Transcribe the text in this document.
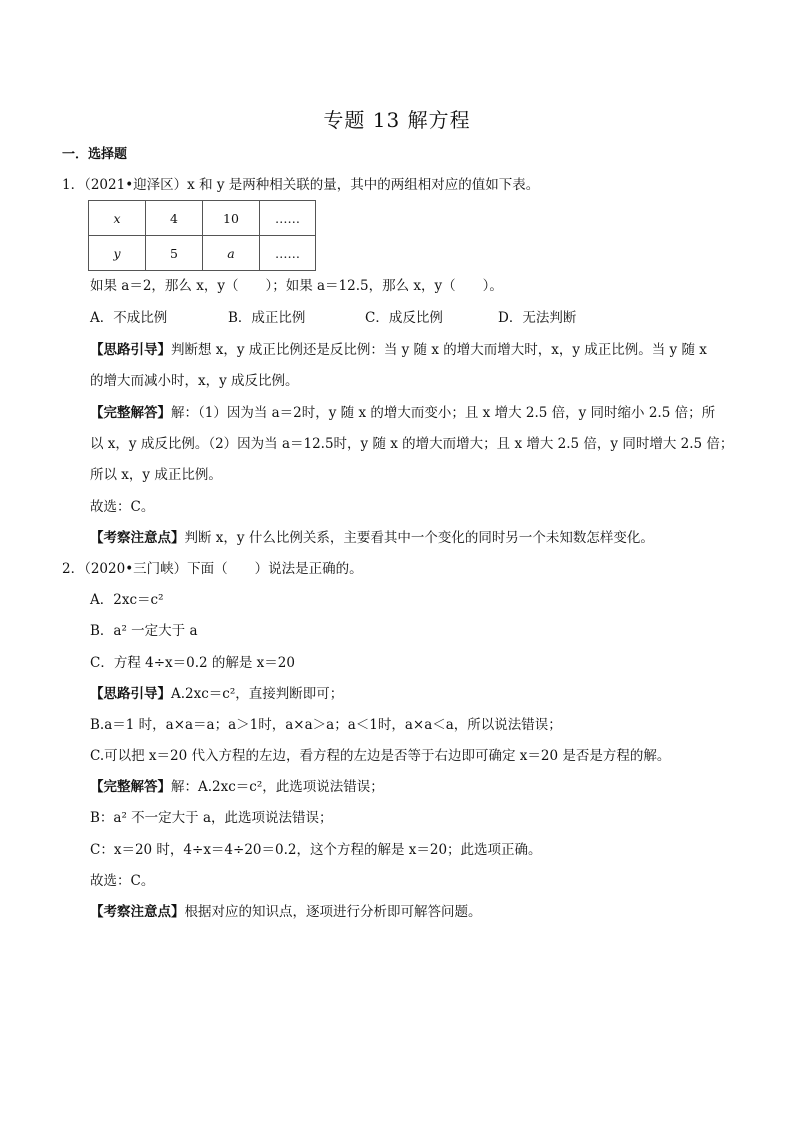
专题 13 解方程
一．选择题
1．（2021•迎泽区）x 和 y 是两种相关联的量，其中的两组相对应的值如下表。
x	4	10	……
y	5	a	……
如果 a＝2，那么 x，y（　　）；如果 a＝12.5，那么 x，y（　　）。
A．不成比例	B．成正比例	C．成反比例	D．无法判断
【思路引导】判断想 x，y 成正比例还是反比例：当 y 随 x 的增大而增大时，x，y 成正比例。当 y 随 x
的增大而减小时，x，y 成反比例。
【完整解答】解：（1）因为当 a＝2时，y 随 x 的增大而变小；且 x 增大 2.5 倍，y 同时缩小 2.5 倍；所
以 x，y 成反比例。（2）因为当 a＝12.5时，y 随 x 的增大而增大；且 x 增大 2.5 倍，y 同时增大 2.5 倍；
所以 x，y 成正比例。
故选：C。
【考察注意点】判断 x，y 什么比例关系，主要看其中一个变化的同时另一个未知数怎样变化。
2．（2020•三门峡）下面（　　）说法是正确的。
A．2xc＝c²
B．a² 一定大于 a
C．方程 4÷x＝0.2 的解是 x＝20
【思路引导】A.2xc＝c²，直接判断即可；
B.a＝1 时，a×a＝a；a＞1时，a×a＞a；a＜1时，a×a＜a，所以说法错误；
C.可以把 x＝20 代入方程的左边，看方程的左边是否等于右边即可确定 x＝20 是否是方程的解。
【完整解答】解：A.2xc＝c²，此选项说法错误；
B：a² 不一定大于 a，此选项说法错误；
C：x＝20 时，4÷x＝4÷20＝0.2，这个方程的解是 x＝20；此选项正确。
故选：C。
【考察注意点】根据对应的知识点，逐项进行分析即可解答问题。
